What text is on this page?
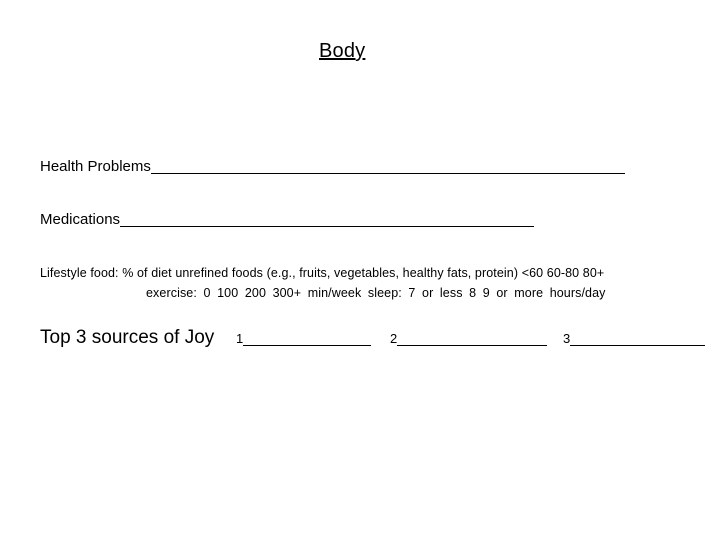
Body
Health Problems
Medications
Lifestyle food: % of diet unrefined foods (e.g., fruits, vegetables, healthy fats, protein) <60 60-80 80+
exercise: 0 100 200 300+ min/week sleep: 7 or less 8 9 or more hours/day
Top 3 sources of Joy 1	2	3
